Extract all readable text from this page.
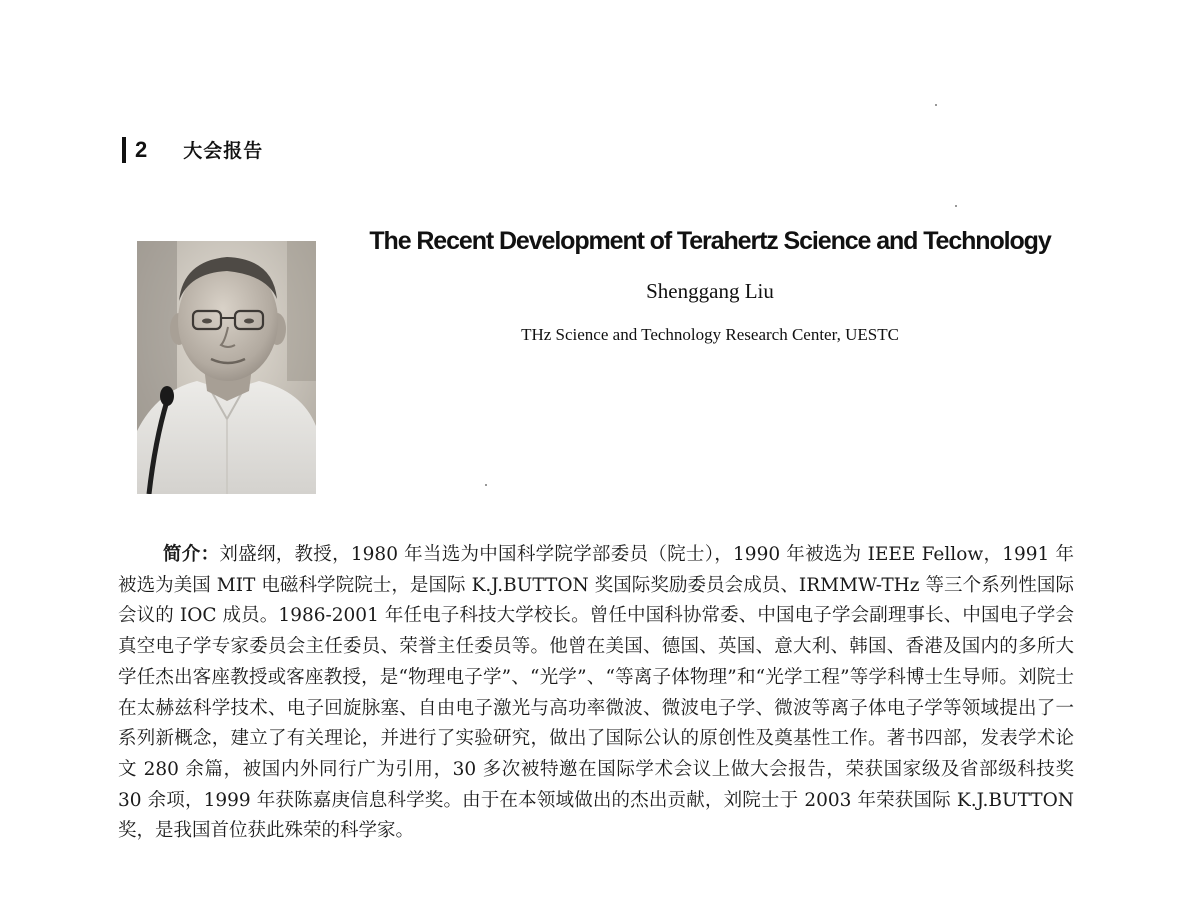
2 大会报告
The Recent Development of Terahertz Science and Technology
Shenggang Liu
THz Science and Technology Research Center, UESTC

简介：刘盛纲，教授，1980 年当选为中国科学院学部委员（院士），1990 年被选为 IEEE Fellow，1991 年被选为美国 MIT 电磁科学院院士，是国际 K.J.BUTTON 奖国际奖励委员会成员、IRMMW-THz 等三个系列性国际会议的 IOC 成员。1986-2001 年任电子科技大学校长。曾任中国科协常委、中国电子学会副理事长、中国电子学会真空电子学专家委员会主任委员、荣誉主任委员等。他曾在美国、德国、英国、意大利、韩国、香港及国内的多所大学任杰出客座教授或客座教授，是“物理电子学”、“光学”、“等离子体物理”和“光学工程”等学科博士生导师。刘院士在太赫兹科学技术、电子回旋脉塞、自由电子激光与高功率微波、微波电子学、微波等离子体电子学等领域提出了一系列新概念，建立了有关理论，并进行了实验研究，做出了国际公认的原创性及奠基性工作。著书四部，发表学术论文 280 余篇，被国内外同行广为引用，30 多次被特邀在国际学术会议上做大会报告，荣获国家级及省部级科技奖 30 余项，1999 年获陈嘉庚信息科学奖。由于在本领域做出的杰出贡献，刘院士于 2003 年荣获国际 K.J.BUTTON 奖，是我国首位获此殊荣的科学家。
